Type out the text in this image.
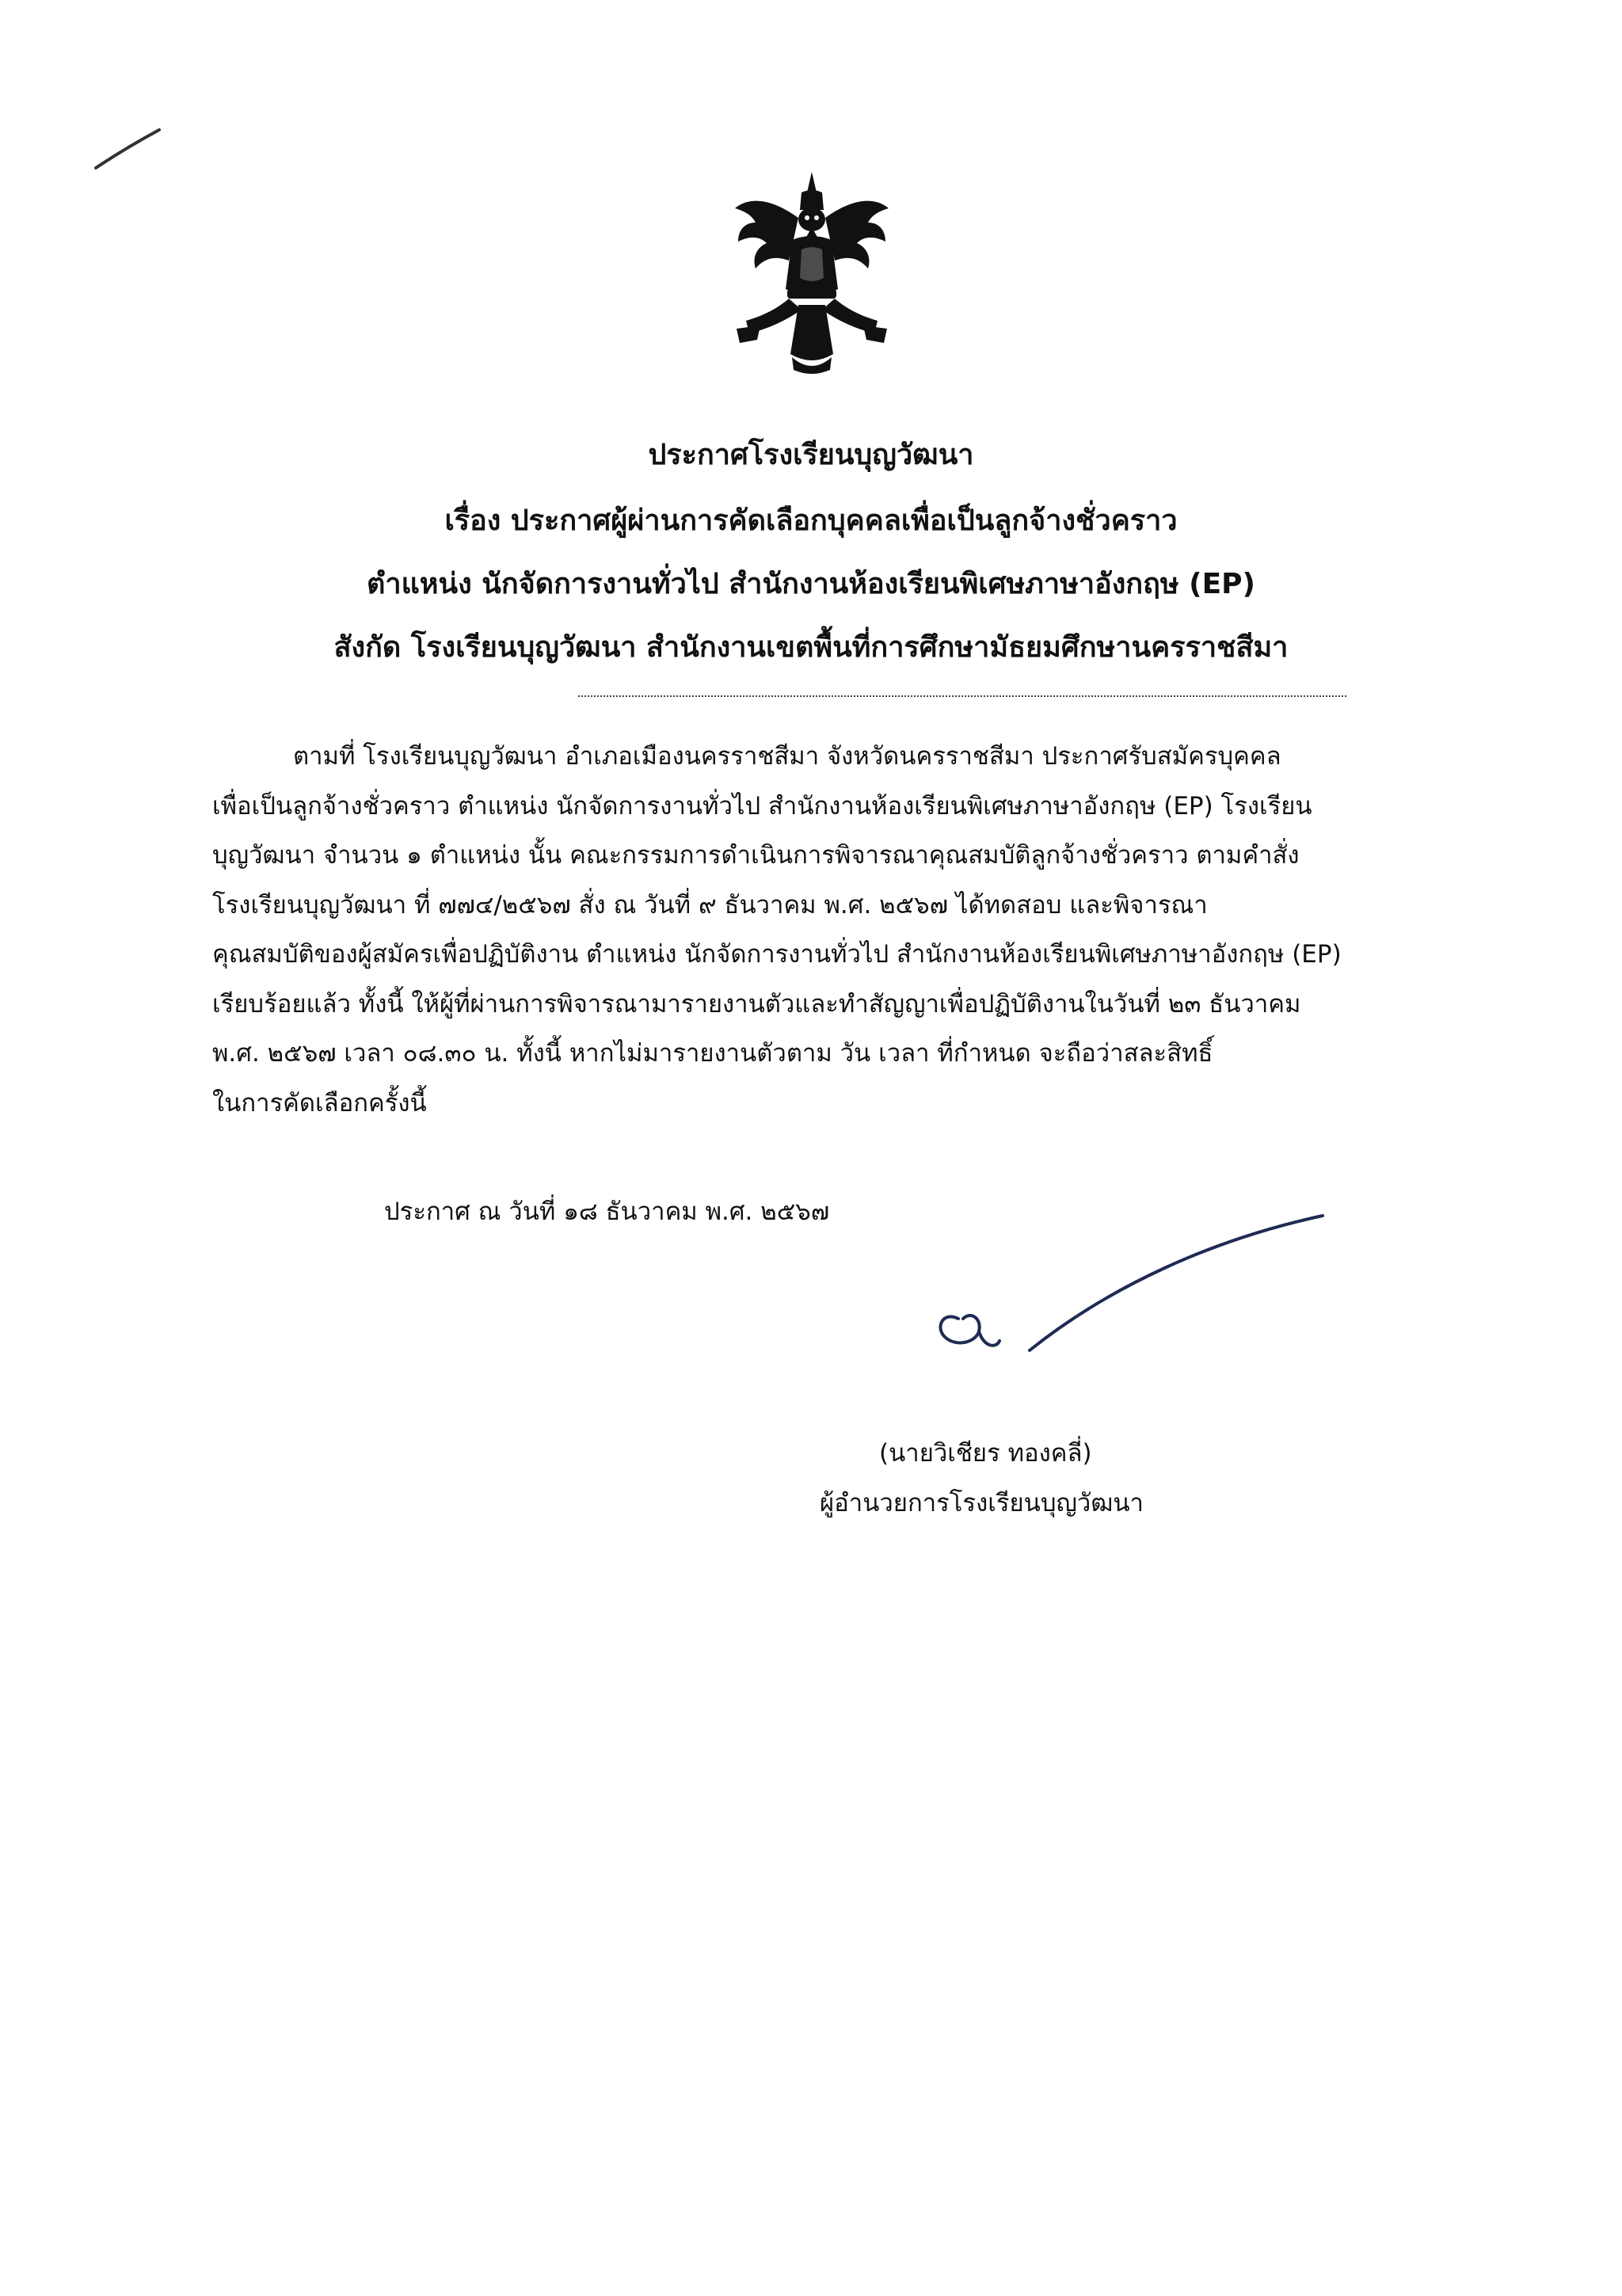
ประกาศโรงเรียนบุญวัฒนา
เรื่อง ประกาศผู้ผ่านการคัดเลือกบุคคลเพื่อเป็นลูกจ้างชั่วคราว
ตำแหน่ง นักจัดการงานทั่วไป สำนักงานห้องเรียนพิเศษภาษาอังกฤษ (EP)
สังกัด โรงเรียนบุญวัฒนา สำนักงานเขตพื้นที่การศึกษามัธยมศึกษานครราชสีมา
ตามที่ โรงเรียนบุญวัฒนา อำเภอเมืองนครราชสีมา จังหวัดนครราชสีมา ประกาศรับสมัครบุคคล
เพื่อเป็นลูกจ้างชั่วคราว ตำแหน่ง นักจัดการงานทั่วไป สำนักงานห้องเรียนพิเศษภาษาอังกฤษ (EP) โรงเรียน
บุญวัฒนา จำนวน ๑ ตำแหน่ง นั้น คณะกรรมการดำเนินการพิจารณาคุณสมบัติลูกจ้างชั่วคราว ตามคำสั่ง
โรงเรียนบุญวัฒนา ที่ ๗๗๔/๒๕๖๗ สั่ง ณ วันที่ ๙ ธันวาคม พ.ศ. ๒๕๖๗ ได้ทดสอบ และพิจารณา
คุณสมบัติของผู้สมัครเพื่อปฏิบัติงาน ตำแหน่ง นักจัดการงานทั่วไป สำนักงานห้องเรียนพิเศษภาษาอังกฤษ (EP)
เรียบร้อยแล้ว ทั้งนี้ ให้ผู้ที่ผ่านการพิจารณามารายงานตัวและทำสัญญาเพื่อปฏิบัติงานในวันที่ ๒๓ ธันวาคม
พ.ศ. ๒๕๖๗ เวลา ๐๘.๓๐ น. ทั้งนี้ หากไม่มารายงานตัวตาม วัน เวลา ที่กำหนด จะถือว่าสละสิทธิ์
ในการคัดเลือกครั้งนี้
ประกาศ ณ วันที่ ๑๘ ธันวาคม พ.ศ. ๒๕๖๗
(นายวิเชียร ทองคลี่)
ผู้อำนวยการโรงเรียนบุญวัฒนา
